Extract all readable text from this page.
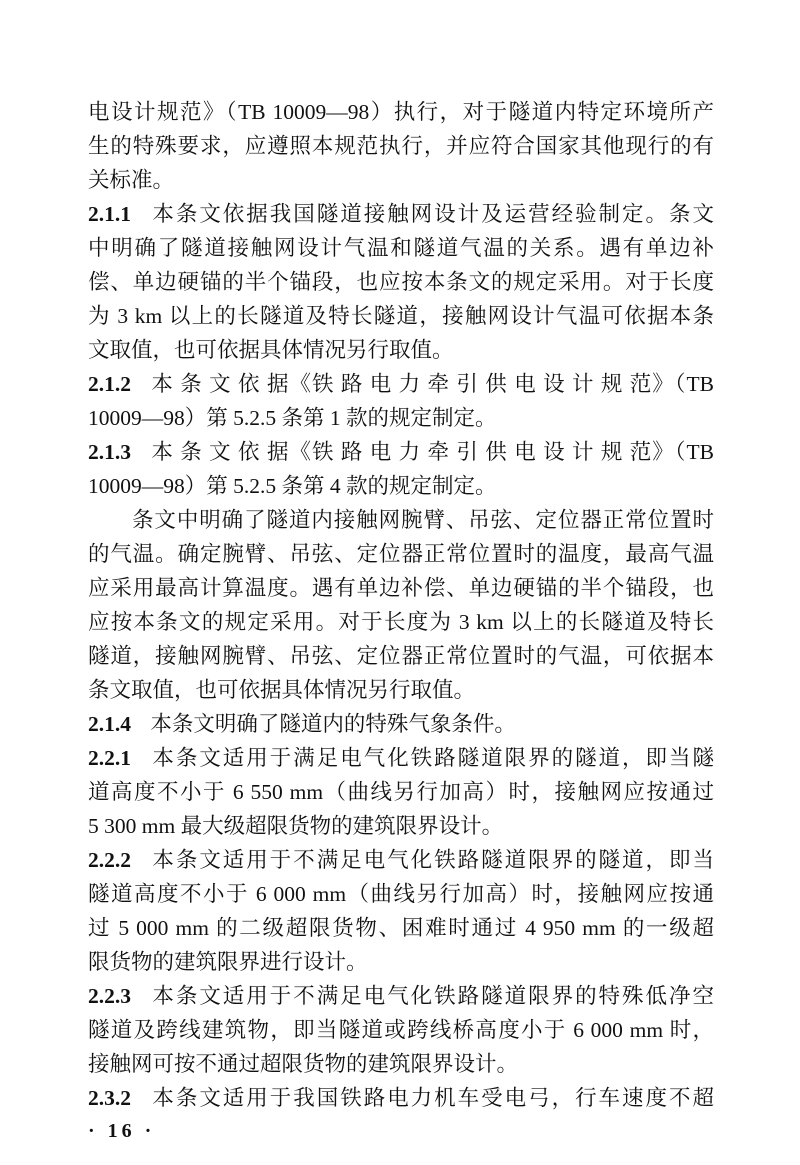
电设计规范》（TB 10009—98）执行，对于隧道内特定环境所产
生的特殊要求，应遵照本规范执行，并应符合国家其他现行的有
关标准。
2.1.1 本条文依据我国隧道接触网设计及运营经验制定。条文
中明确了隧道接触网设计气温和隧道气温的关系。遇有单边补
偿、单边硬锚的半个锚段，也应按本条文的规定采用。对于长度
为 3 km 以上的长隧道及特长隧道，接触网设计气温可依据本条
文取值，也可依据具体情况另行取值。
2.1.2 本 条 文 依 据《铁 路 电 力 牵 引 供 电 设 计 规 范》（TB
10009—98）第 5.2.5 条第 1 款的规定制定。
2.1.3 本 条 文 依 据《铁 路 电 力 牵 引 供 电 设 计 规 范》（TB
10009—98）第 5.2.5 条第 4 款的规定制定。
条文中明确了隧道内接触网腕臂、吊弦、定位器正常位置时
的气温。确定腕臂、吊弦、定位器正常位置时的温度，最高气温
应采用最高计算温度。遇有单边补偿、单边硬锚的半个锚段，也
应按本条文的规定采用。对于长度为 3 km 以上的长隧道及特长
隧道，接触网腕臂、吊弦、定位器正常位置时的气温，可依据本
条文取值，也可依据具体情况另行取值。
2.1.4 本条文明确了隧道内的特殊气象条件。
2.2.1 本条文适用于满足电气化铁路隧道限界的隧道，即当隧
道高度不小于 6 550 mm（曲线另行加高）时，接触网应按通过
5 300 mm 最大级超限货物的建筑限界设计。
2.2.2 本条文适用于不满足电气化铁路隧道限界的隧道，即当
隧道高度不小于 6 000 mm（曲线另行加高）时，接触网应按通
过 5 000 mm 的二级超限货物、困难时通过 4 950 mm 的一级超
限货物的建筑限界进行设计。
2.2.3 本条文适用于不满足电气化铁路隧道限界的特殊低净空
隧道及跨线建筑物，即当隧道或跨线桥高度小于 6 000 mm 时，
接触网可按不通过超限货物的建筑限界设计。
2.3.2 本条文适用于我国铁路电力机车受电弓，行车速度不超
· 16 ·
